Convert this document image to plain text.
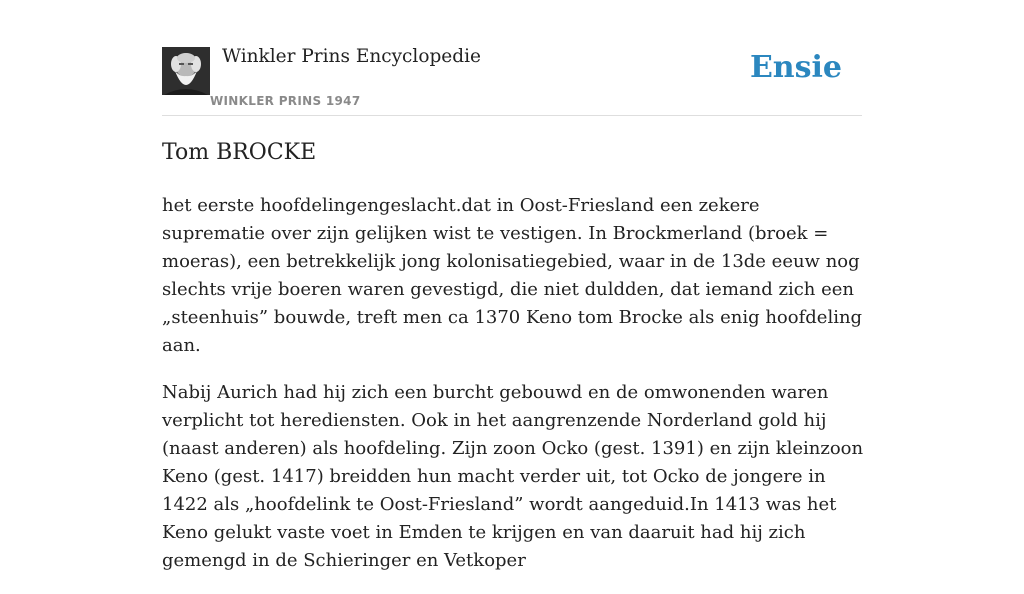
Winkler Prins Encyclopedie
WINKLER PRINS 1947
Ensie
Tom BROCKE

het eerste hoofdelingengeslacht.dat in Oost-Friesland een zekere suprematie over zijn gelijken wist te vestigen. In Brockmerland (broek = moeras), een betrekkelijk jong kolonisatiegebied, waar in de 13de eeuw nog slechts vrije boeren waren gevestigd, die niet duldden, dat iemand zich een „steenhuis” bouwde, treft men ca 1370 Keno tom Brocke als enig hoofdeling aan.

Nabij Aurich had hij zich een burcht gebouwd en de omwonenden waren verplicht tot herediensten. Ook in het aangrenzende Norderland gold hij (naast anderen) als hoofdeling. Zijn zoon Ocko (gest. 1391) en zijn kleinzoon Keno (gest. 1417) breidden hun macht verder uit, tot Ocko de jongere in 1422 als „hoofdelink te Oost-Friesland” wordt aangeduid.In 1413 was het Keno gelukt vaste voet in Emden te krijgen en van daaruit had hij zich gemengd in de Schieringer en Vetkoper
